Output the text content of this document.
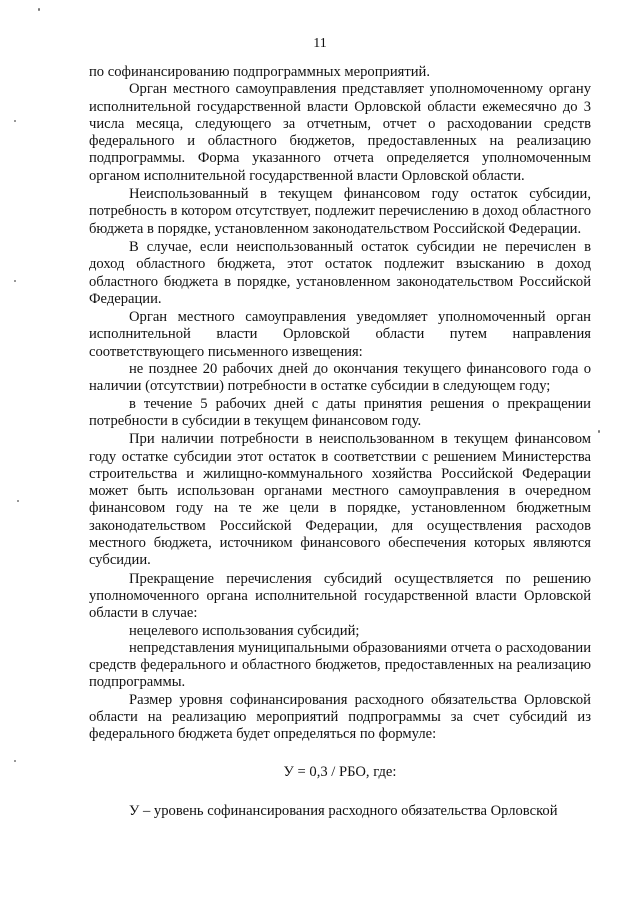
11

по софинансированию подпрограммных мероприятий.

Орган местного самоуправления представляет уполномоченному органу исполнительной государственной власти Орловской области ежемесячно до 3 числа месяца, следующего за отчетным, отчет о расходовании средств федерального и областного бюджетов, предоставленных на реализацию подпрограммы. Форма указанного отчета определяется уполномоченным органом исполнительной государственной власти Орловской области.

Неиспользованный в текущем финансовом году остаток субсидии, потребность в котором отсутствует, подлежит перечислению в доход областного бюджета в порядке, установленном законодательством Российской Федерации.

В случае, если неиспользованный остаток субсидии не перечислен в доход областного бюджета, этот остаток подлежит взысканию в доход областного бюджета в порядке, установленном законодательством Российской Федерации.

Орган местного самоуправления уведомляет уполномоченный орган исполнительной власти Орловской области путем направления соответствующего письменного извещения:

не позднее 20 рабочих дней до окончания текущего финансового года о наличии (отсутствии) потребности в остатке субсидии в следующем году;

в течение 5 рабочих дней с даты принятия решения о прекращении потребности в субсидии в текущем финансовом году.

При наличии потребности в неиспользованном в текущем финансовом году остатке субсидии этот остаток в соответствии с решением Министерства строительства и жилищно-коммунального хозяйства Российской Федерации может быть использован органами местного самоуправления в очередном финансовом году на те же цели в порядке, установленном бюджетным законодательством Российской Федерации, для осуществления расходов местного бюджета, источником финансового обеспечения которых являются субсидии.

Прекращение перечисления субсидий осуществляется по решению уполномоченного органа исполнительной государственной власти Орловской области в случае:

нецелевого использования субсидий;

непредставления муниципальными образованиями отчета о расходовании средств федерального и областного бюджетов, предоставленных на реализацию подпрограммы.

Размер уровня софинансирования расходного обязательства Орловской области на реализацию мероприятий подпрограммы за счет субсидий из федерального бюджета будет определяться по формуле:

У = 0,3 / РБО, где:

У – уровень софинансирования расходного обязательства Орловской
